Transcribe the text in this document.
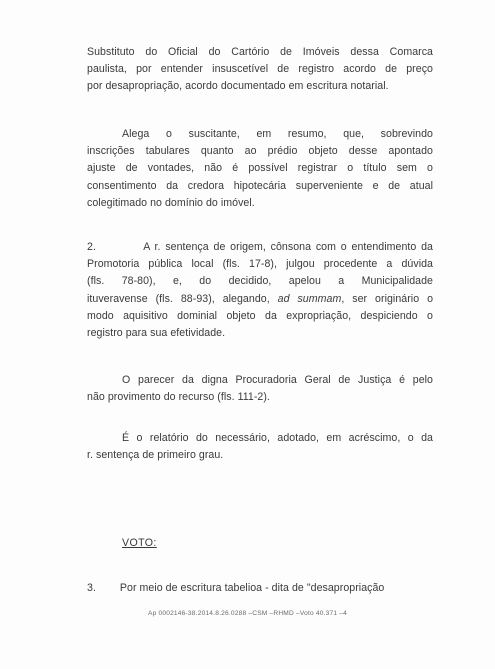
Substituto do Oficial do Cartório de Imóveis dessa Comarca
paulista, por entender insuscetível de registro acordo de preço
por desapropriação, acordo documentado em escritura notarial.
Alega o suscitante, em resumo, que, sobrevindo
inscrições tabulares quanto ao prédio objeto desse apontado
ajuste de vontades, não é possível registrar o título sem o
consentimento da credora hipotecária superveniente e de atual
colegitimado no domínio do imóvel.
2.          A r. sentença de origem, cônsona com o entendimento da
Promotoria pública local (fls. 17-8), julgou procedente a dúvida
(fls. 78-80), e, do decidido, apelou a Municipalidade
ituveravense (fls. 88-93), alegando, ad summam, ser originário o
modo aquisitivo dominial objeto da expropriação, despiciendo o
registro para sua efetividade.
O parecer da digna Procuradoria Geral de Justiça é pelo
não provimento do recurso (fls. 111-2).
É o relatório do necessário, adotado, em acréscimo, o da
r. sentença de primeiro grau.
VOTO:
3.        Por meio de escritura tabelioa - dita de "desapropriação
Ap 0002146-38.2014.8.26.0288 –CSM –RHMD –Voto 40.371 –4
